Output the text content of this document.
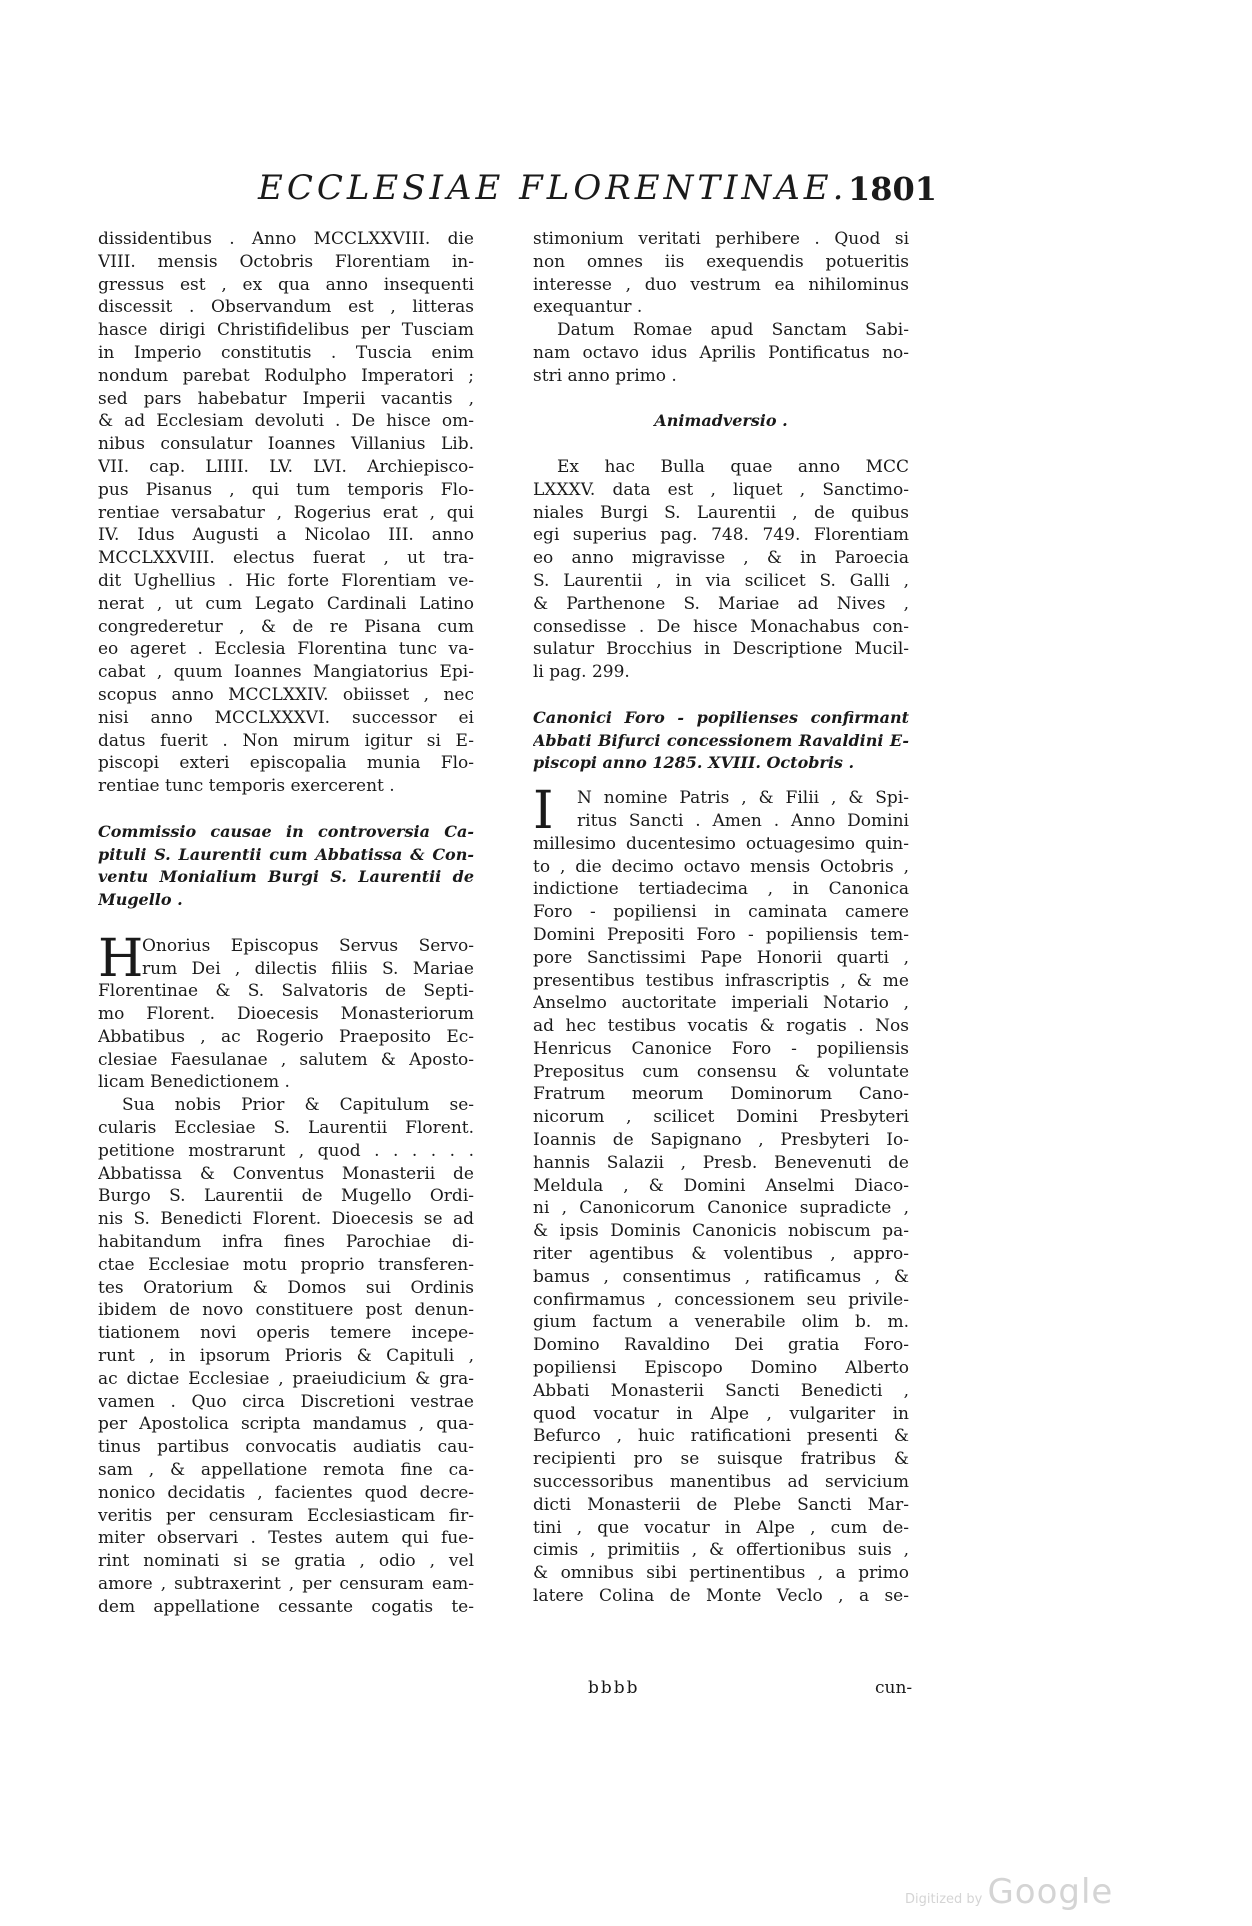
ECCLESIAE FLORENTINAE. 1801
dissidentibus . Anno MCCLXXVIII. die
VIII. mensis Octobris Florentiam in-
gressus est , ex qua anno insequenti
discessit . Observandum est , litteras
hasce dirigi Christifidelibus per Tusciam
in Imperio constitutis . Tuscia enim
nondum parebat Rodulpho Imperatori ;
sed pars habebatur Imperii vacantis ,
& ad Ecclesiam devoluti . De hisce om-
nibus consulatur Ioannes Villanius Lib.
VII. cap. LIIII. LV. LVI. Archiepisco-
pus Pisanus , qui tum temporis Flo-
rentiae versabatur , Rogerius erat , qui
IV. Idus Augusti a Nicolao III. anno
MCCLXXVIII. electus fuerat , ut tra-
dit Ughellius . Hic forte Florentiam ve-
nerat , ut cum Legato Cardinali Latino
congrederetur , & de re Pisana cum
eo ageret . Ecclesia Florentina tunc va-
cabat , quum Ioannes Mangiatorius Epi-
scopus anno MCCLXXIV. obiisset , nec
nisi anno MCCLXXXVI. successor ei
datus fuerit . Non mirum igitur si E-
piscopi exteri episcopalia munia Flo-
rentiae tunc temporis exercerent .
Commissio causae in controversia Ca-
pituli S. Laurentii cum Abbatissa & Con-
ventu Monialium Burgi S. Laurentii de
Mugello .
H
Onorius Episcopus Servus Servo-
rum Dei , dilectis filiis S. Mariae
Florentinae & S. Salvatoris de Septi-
mo Florent. Dioecesis Monasteriorum
Abbatibus , ac Rogerio Praeposito Ec-
clesiae Faesulanae , salutem & Aposto-
licam Benedictionem .
Sua nobis Prior & Capitulum se-
cularis Ecclesiae S. Laurentii Florent.
petitione mostrarunt , quod . . . . . .
Abbatissa & Conventus Monasterii de
Burgo S. Laurentii de Mugello Ordi-
nis S. Benedicti Florent. Dioecesis se ad
habitandum infra fines Parochiae di-
ctae Ecclesiae motu proprio transferen-
tes Oratorium & Domos sui Ordinis
ibidem de novo constituere post denun-
tiationem novi operis temere incepe-
runt , in ipsorum Prioris & Capituli ,
ac dictae Ecclesiae , praeiudicium & gra-
vamen . Quo circa Discretioni vestrae
per Apostolica scripta mandamus , qua-
tinus partibus convocatis audiatis cau-
sam , & appellatione remota fine ca-
nonico decidatis , facientes quod decre-
veritis per censuram Ecclesiasticam fir-
miter observari . Testes autem qui fue-
rint nominati si se gratia , odio , vel
amore , subtraxerint , per censuram eam-
dem appellatione cessante cogatis te-
stimonium veritati perhibere . Quod si
non omnes iis exequendis potueritis
interesse , duo vestrum ea nihilominus
exequantur .
Datum Romae apud Sanctam Sabi-
nam octavo idus Aprilis Pontificatus no-
stri anno primo .
Animadversio .
Ex hac Bulla quae anno MCC
LXXXV. data est , liquet , Sanctimo-
niales Burgi S. Laurentii , de quibus
egi superius pag. 748. 749. Florentiam
eo anno migravisse , & in Paroecia
S. Laurentii , in via scilicet S. Galli ,
& Parthenone S. Mariae ad Nives ,
consedisse . De hisce Monachabus con-
sulatur Brocchius in Descriptione Mucil-
li pag. 299.
Canonici Foro - popilienses confirmant
Abbati Bifurci concessionem Ravaldini E-
piscopi anno 1285. XVIII. Octobris .
I	N nomine Patris , & Filii , & Spi-
ritus Sancti . Amen . Anno Domini
millesimo ducentesimo octuagesimo quin-
to , die decimo octavo mensis Octobris ,
indictione tertiadecima , in Canonica
Foro - popiliensi in caminata camere
Domini Prepositi Foro - popiliensis tem-
pore Sanctissimi Pape Honorii quarti ,
presentibus testibus infrascriptis , & me
Anselmo auctoritate imperiali Notario ,
ad hec testibus vocatis & rogatis . Nos
Henricus Canonice Foro - popiliensis
Prepositus cum consensu & voluntate
Fratrum meorum Dominorum Cano-
nicorum , scilicet Domini Presbyteri
Ioannis de Sapignano , Presbyteri Io-
hannis Salazii , Presb. Benevenuti de
Meldula , & Domini Anselmi Diaco-
ni , Canonicorum Canonice supradicte ,
& ipsis Dominis Canonicis nobiscum pa-
riter agentibus & volentibus , appro-
bamus , consentimus , ratificamus , &
confirmamus , concessionem seu privile-
gium factum a venerabile olim b. m.
Domino Ravaldino Dei gratia Foro-
popiliensi Episcopo Domino Alberto
Abbati Monasterii Sancti Benedicti ,
quod vocatur in Alpe , vulgariter in
Befurco , huic ratificationi presenti &
recipienti pro se suisque fratribus &
successoribus manentibus ad servicium
dicti Monasterii de Plebe Sancti Mar-
tini , que vocatur in Alpe , cum de-
cimis , primitiis , & offertionibus suis ,
& omnibus sibi pertinentibus , a primo
latere Colina de Monte Veclo , a se-
bbbb	cun-
Digitized by Google
